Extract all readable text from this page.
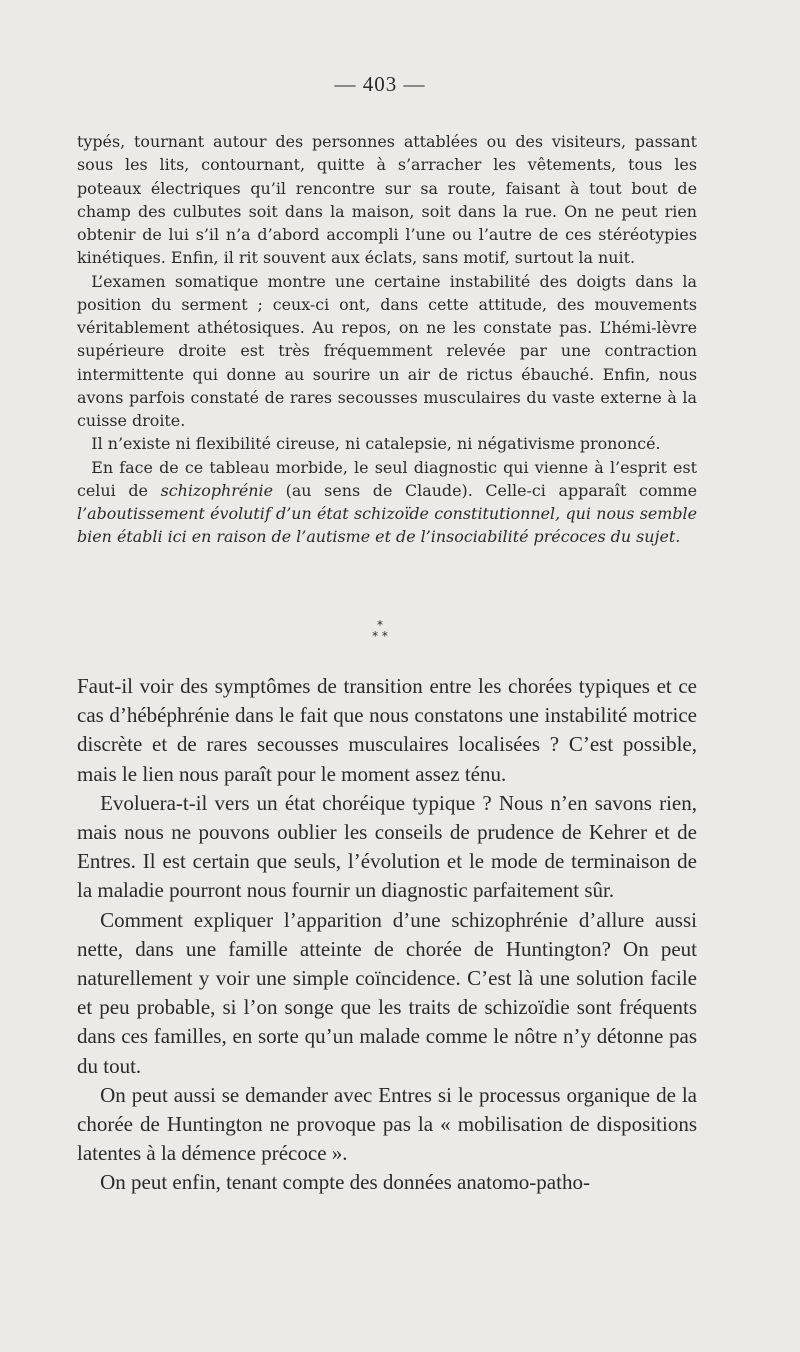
— 403 —

typés, tournant autour des personnes attablées ou des visiteurs, passant sous les lits, contournant, quitte à s’arracher les vêtements, tous les poteaux électriques qu’il rencontre sur sa route, faisant à tout bout de champ des culbutes soit dans la maison, soit dans la rue. On ne peut rien obtenir de lui s’il n’a d’abord accompli l’une ou l’autre de ces stéréotypies kinétiques. Enfin, il rit souvent aux éclats, sans motif, surtout la nuit.

L’examen somatique montre une certaine instabilité des doigts dans la position du serment ; ceux-ci ont, dans cette attitude, des mouvements véritablement athétosiques. Au repos, on ne les constate pas. L’hémi-lèvre supérieure droite est très fréquemment relevée par une contraction intermittente qui donne au sourire un air de rictus ébauché. Enfin, nous avons parfois constaté de rares secousses musculaires du vaste externe à la cuisse droite.

Il n’existe ni flexibilité cireuse, ni catalepsie, ni négativisme prononcé.

En face de ce tableau morbide, le seul diagnostic qui vienne à l’esprit est celui de schizophrénie (au sens de Claude). Celle-ci apparaît comme l’aboutissement évolutif d’un état schizoïde constitutionnel, qui nous semble bien établi ici en raison de l’autisme et de l’insociabilité précoces du sujet.

*
* *

Faut-il voir des symptômes de transition entre les chorées typiques et ce cas d’hébéphrénie dans le fait que nous constatons une instabilité motrice discrète et de rares secousses musculaires localisées ? C’est possible, mais le lien nous paraît pour le moment assez ténu.

Evoluera-t-il vers un état choréique typique ? Nous n’en savons rien, mais nous ne pouvons oublier les conseils de prudence de Kehrer et de Entres. Il est certain que seuls, l’évolution et le mode de terminaison de la maladie pourront nous fournir un diagnostic parfaitement sûr.

Comment expliquer l’apparition d’une schizophrénie d’allure aussi nette, dans une famille atteinte de chorée de Huntington? On peut naturellement y voir une simple coïncidence. C’est là une solution facile et peu probable, si l’on songe que les traits de schizoïdie sont fréquents dans ces familles, en sorte qu’un malade comme le nôtre n’y détonne pas du tout.

On peut aussi se demander avec Entres si le processus organique de la chorée de Huntington ne provoque pas la « mobilisation de dispositions latentes à la démence précoce ».

On peut enfin, tenant compte des données anatomo-patho-
